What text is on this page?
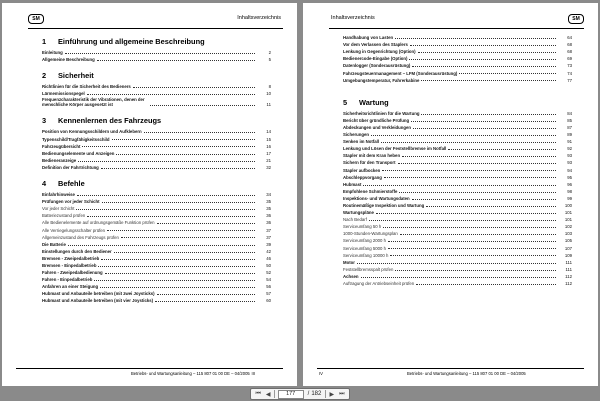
SM	Inhaltsverzeichnis
1	Einführung und allgemeine Beschreibung
Einleitung	2
Allgemeine Beschreibung	5
2	Sicherheit
Richtlinien für die Sicherheit des Bedieners	8
Lärmemissionspegel	10
Frequenzcharakteristik der Vibrationen, denen der menschliche Körper ausgesetzt ist	11
3	Kennenlernen des Fahrzeugs
Position von Kennungsschildern und Aufklebern	14
Typenschild/Tragfähigkeitsschild	15
Fahrzeugübersicht	16
Bedienungselemente und Anzeigen	17
Bedieneranzeige	21
Definition der Fahrtrichtung	32
4	Befehle
Einfahrhinweise	34
Prüfungen vor jeder Schicht	35
Vor jeder Schicht	35
Batteriezustand prüfen	36
Alle Bedienelemente auf ordnungsgemäße Funktion prüfen	36
Alle Verriegelungsschalter prüfen	37
Allgemeinzustand des Fahrzeugs prüfen	37
Die Batterie	39
Einstellungen durch den Bediener	42
Bremsen - Zweipedalbetrieb	46
Bremsen - Einpedalbetrieb	50
Fahren - Zweipedalbedienung	52
Fahren - Einpedalbetrieb	54
Anfahren an einer Steigung	56
Hubmast und Anbauteile betreiben (mit zwei Joysticks)	57
Hubmast und Anbauteile betreiben (mit vier Joysticks)	60
Betriebs- und Wartungsanleitung – 115 807 01 00 DE – 04/2005 III
Inhaltsverzeichnis	SM
Handhabung von Lasten	64
Vor dem Verlassen des Staplers	68
Lenkung in Gegenrichtung (Option)	68
Bedienercode-Eingabe (Option)	69
Datenlogger (Sonderausrüstung)	73
Fahrzeugsteuermanagement – LFM (Sonderausrüstung)	74
Umgebungstemperatur, Fahrerkabine	77
5	Wartung
Sicherheitsrichtlinien für die Wartung	84
Bericht über gründliche Prüfung	85
Abdeckungen und Verkleidungen	87
Sicherungen	89
Senken im Notfall	91
Lenkung und Lösen der Feststellbremse im Notfall	92
Stapler mit dem Kran heben	93
Sichern für den Transport	93
Stapler aufbocken	94
Abschleppvorgang	95
Hubmast	96
Empfohlene Schmierstoffe	98
Inspektions- und Wartungsdaten	99
Routinemäßige Inspektion und Wartung	100
Wartungspläne	101
Nach Bedarf	101
Serviceumfang 50 h	102
1000-Stunden-Wartungsplan	103
Serviceumfang 2000 h	105
Serviceumfang 5000 h	107
Serviceumfang 10000 h	109
Motor	111
Feststellbremsspalt prüfen	111
Achsen	112
Auftragung der Antriebseinheit prüfen	112
IV	Betriebs- und Wartungsanleitung – 115 807 01 00 DE – 04/2005
⏮ ◀	177	/ 182	▶ ⏭
